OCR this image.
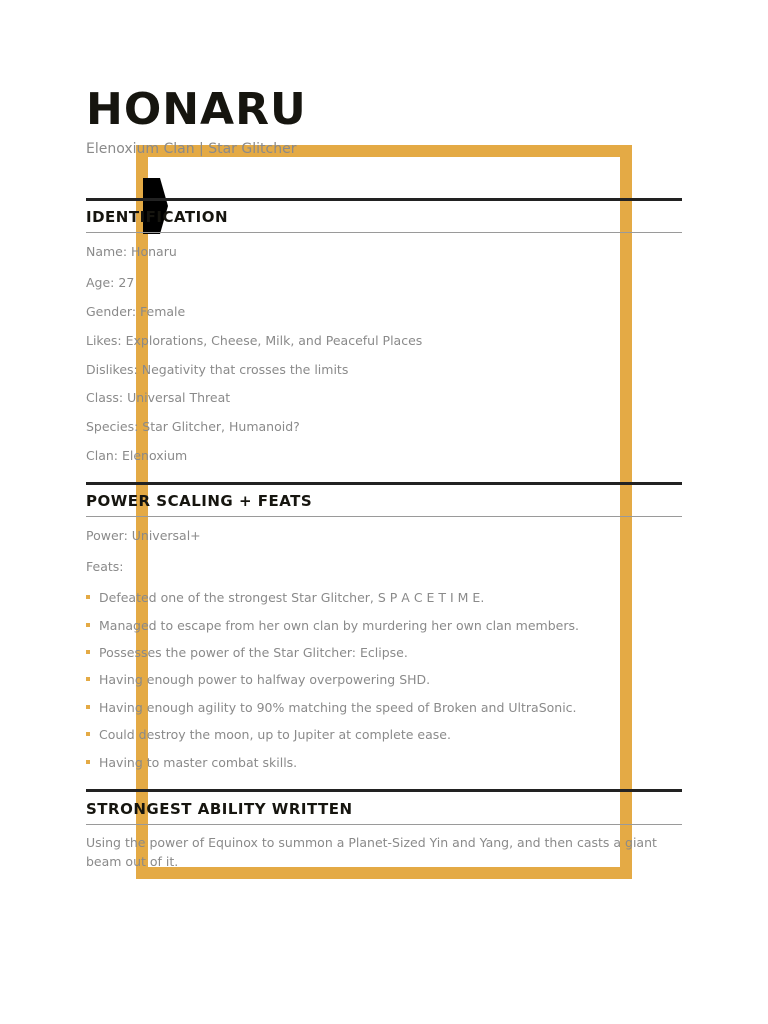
HONARU
Elenoxium Clan | Star Glitcher
IDENTIFICATION
Name: Honaru
Age: 27
Gender: Female
Likes: Explorations, Cheese, Milk, and Peaceful Places
Dislikes: Negativity that crosses the limits
Class: Universal Threat
Species: Star Glitcher, Humanoid?
Clan: Elenoxium
POWER SCALING + FEATS
Power: Universal+
Feats:
Defeated one of the strongest Star Glitcher, S P A C E T I M E.
Managed to escape from her own clan by murdering her own clan members.
Possesses the power of the Star Glitcher: Eclipse.
Having enough power to halfway overpowering SHD.
Having enough agility to 90% matching the speed of Broken and UltraSonic.
Could destroy the moon, up to Jupiter at complete ease.
Having to master combat skills.
STRONGEST ABILITY WRITTEN
Using the power of Equinox to summon a Planet-Sized Yin and Yang, and then casts a giant beam out of it.
